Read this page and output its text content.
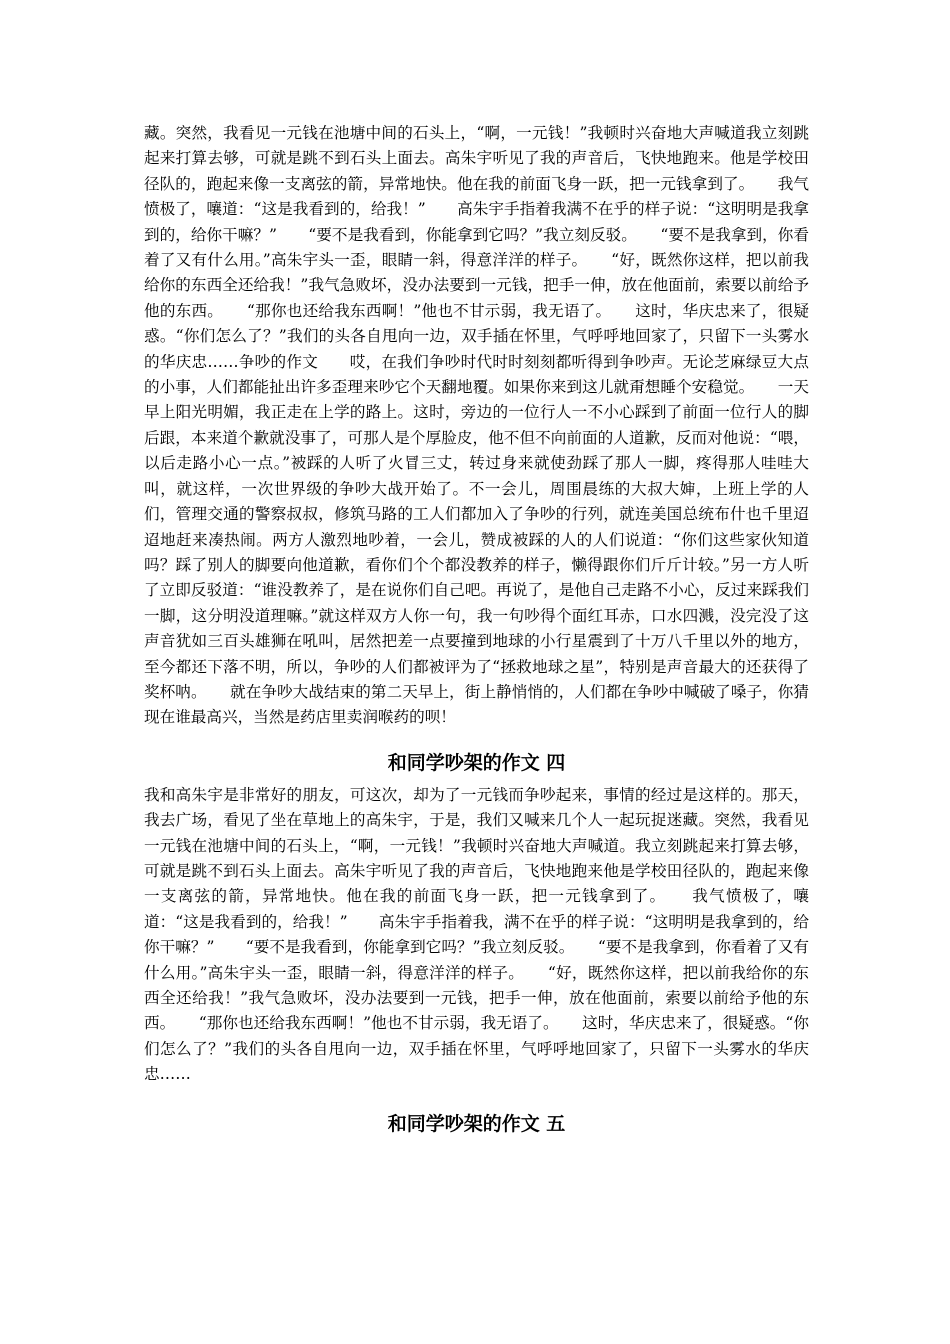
藏。突然，我看见一元钱在池塘中间的石头上，“啊，一元钱！”我顿时兴奋地大声喊道我立刻跳起来打算去够，可就是跳不到石头上面去。高朱宇听见了我的声音后，飞快地跑来。他是学校田径队的，跑起来像一支离弦的箭，异常地快。他在我的前面飞身一跃，把一元钱拿到了。　　我气愤极了，嚷道：“这是我看到的，给我！”　　高朱宇手指着我满不在乎的样子说：“这明明是我拿到的，给你干嘛？”　　“要不是我看到，你能拿到它吗？”我立刻反驳。　　“要不是我拿到，你看着了又有什么用。”高朱宇头一歪，眼睛一斜，得意洋洋的样子。　　“好，既然你这样，把以前我给你的东西全还给我！”我气急败坏，没办法要到一元钱，把手一伸，放在他面前，索要以前给予他的东西。　　“那你也还给我东西啊！”他也不甘示弱，我无语了。　　这时，华庆忠来了，很疑惑。“你们怎么了？”我们的头各自甩向一边，双手插在怀里，气呼呼地回家了，只留下一头雾水的华庆忠……争吵的作文　　哎，在我们争吵时代时时刻刻都听得到争吵声。无论芝麻绿豆大点的小事，人们都能扯出许多歪理来吵它个天翻地覆。如果你来到这儿就甭想睡个安稳觉。　　一天早上阳光明媚，我正走在上学的路上。这时，旁边的一位行人一不小心踩到了前面一位行人的脚后跟，本来道个歉就没事了，可那人是个厚脸皮，他不但不向前面的人道歉，反而对他说：“喂，以后走路小心一点。”被踩的人听了火冒三丈，转过身来就使劲踩了那人一脚，疼得那人哇哇大叫，就这样，一次世界级的争吵大战开始了。不一会儿，周围晨练的大叔大婶，上班上学的人们，管理交通的警察叔叔，修筑马路的工人们都加入了争吵的行列，就连美国总统布什也千里迢迢地赶来凑热闹。两方人激烈地吵着，一会儿，赞成被踩的人的人们说道：“你们这些家伙知道吗？踩了别人的脚要向他道歉，看你们个个都没教养的样子，懒得跟你们斤斤计较。”另一方人听了立即反驳道：“谁没教养了，是在说你们自己吧。再说了，是他自己走路不小心，反过来踩我们一脚，这分明没道理嘛。”就这样双方人你一句，我一句吵得个面红耳赤，口水四溅，没完没了这声音犹如三百头雄狮在吼叫，居然把差一点要撞到地球的小行星震到了十万八千里以外的地方，至今都还下落不明，所以，争吵的人们都被评为了“拯救地球之星”，特别是声音最大的还获得了奖杯呐。　　就在争吵大战结束的第二天早上，街上静悄悄的，人们都在争吵中喊破了嗓子，你猜现在谁最高兴，当然是药店里卖润喉药的呗！

和同学吵架的作文 四

我和高朱宇是非常好的朋友，可这次，却为了一元钱而争吵起来，事情的经过是这样的。那天，我去广场，看见了坐在草地上的高朱宇，于是，我们又喊来几个人一起玩捉迷藏。突然，我看见一元钱在池塘中间的石头上，“啊，一元钱！”我顿时兴奋地大声喊道。我立刻跳起来打算去够，可就是跳不到石头上面去。高朱宇听见了我的声音后，飞快地跑来他是学校田径队的，跑起来像一支离弦的箭，异常地快。他在我的前面飞身一跃，把一元钱拿到了。　　我气愤极了，嚷道：“这是我看到的，给我！”　　高朱宇手指着我，满不在乎的样子说：“这明明是我拿到的，给你干嘛？”　　“要不是我看到，你能拿到它吗？”我立刻反驳。　　“要不是我拿到，你看着了又有什么用。”高朱宇头一歪，眼睛一斜，得意洋洋的样子。　　“好，既然你这样，把以前我给你的东西全还给我！”我气急败坏，没办法要到一元钱，把手一伸，放在他面前，索要以前给予他的东西。　　“那你也还给我东西啊！”他也不甘示弱，我无语了。　　这时，华庆忠来了，很疑惑。“你们怎么了？”我们的头各自甩向一边，双手插在怀里，气呼呼地回家了，只留下一头雾水的华庆忠……

和同学吵架的作文 五
